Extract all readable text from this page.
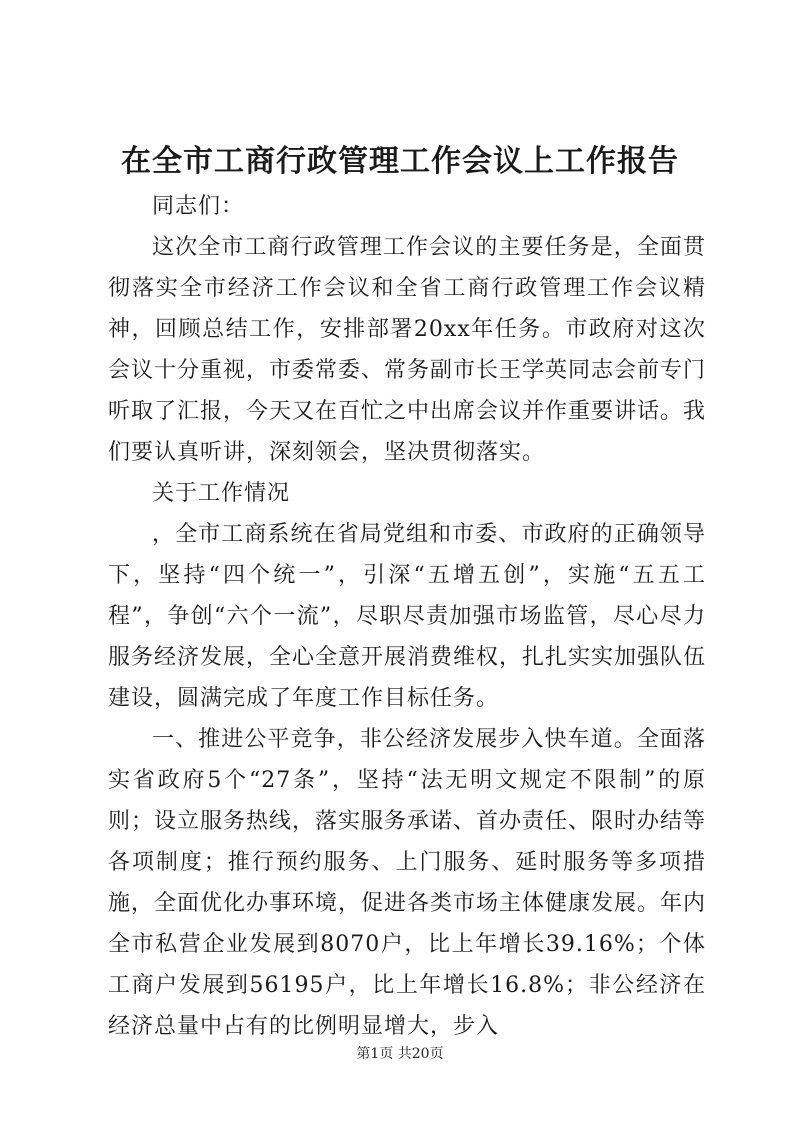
在全市工商行政管理工作会议上工作报告

同志们：

这次全市工商行政管理工作会议的主要任务是，全面贯彻落实全市经济工作会议和全省工商行政管理工作会议精神，回顾总结工作，安排部署20xx年任务。市政府对这次会议十分重视，市委常委、常务副市长王学英同志会前专门听取了汇报，今天又在百忙之中出席会议并作重要讲话。我们要认真听讲，深刻领会，坚决贯彻落实。

关于工作情况

，全市工商系统在省局党组和市委、市政府的正确领导下，坚持“四个统一”，引深“五增五创”，实施“五五工程”，争创“六个一流”，尽职尽责加强市场监管，尽心尽力服务经济发展，全心全意开展消费维权，扎扎实实加强队伍建设，圆满完成了年度工作目标任务。

一、推进公平竞争，非公经济发展步入快车道。全面落实省政府5个“27条”，坚持“法无明文规定不限制”的原则；设立服务热线，落实服务承诺、首办责任、限时办结等各项制度；推行预约服务、上门服务、延时服务等多项措施，全面优化办事环境，促进各类市场主体健康发展。年内全市私营企业发展到8070户，比上年增长39.16%；个体工商户发展到56195户，比上年增长16.8%；非公经济在经济总量中占有的比例明显增大，步入

第1页 共20页
